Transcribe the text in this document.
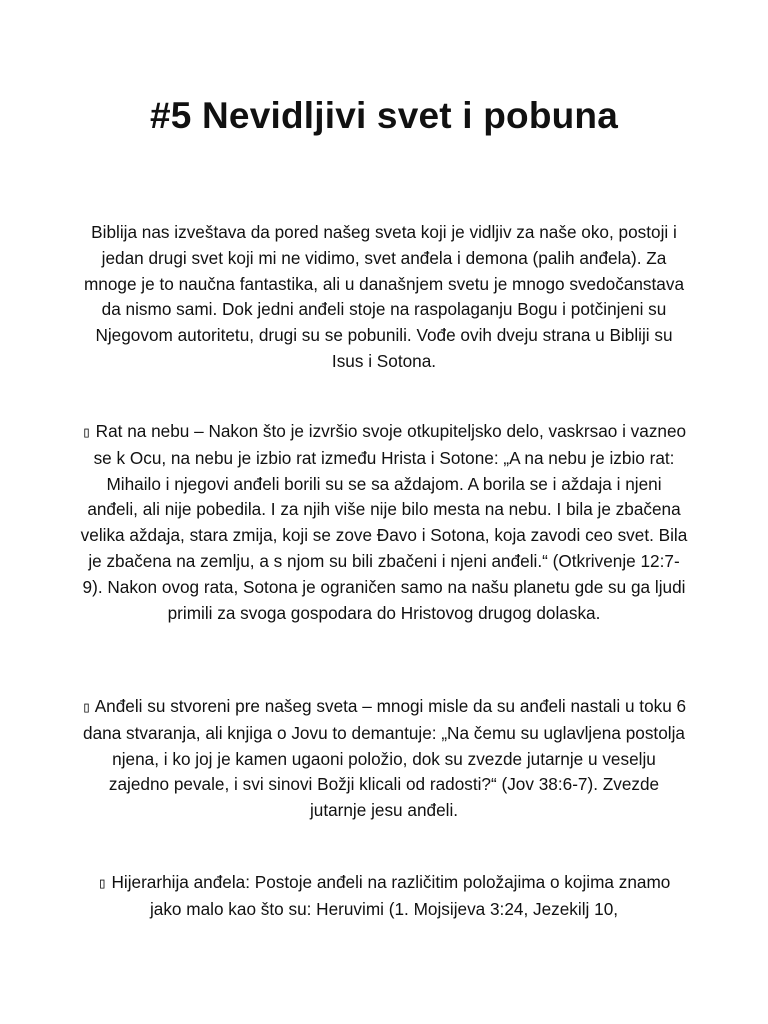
#5 Nevidljivi svet i pobuna

Biblija nas izveštava da pored našeg sveta koji je vidljiv za naše oko, postoji i jedan drugi svet koji mi ne vidimo, svet anđela i demona (palih anđela). Za mnoge je to naučna fantastika, ali u današnjem svetu je mnogo svedočanstava da nismo sami. Dok jedni anđeli stoje na raspolaganju Bogu i potčinjeni su Njegovom autoritetu, drugi su se pobunili. Vođe ovih dveju strana u Bibliji su Isus i Sotona.

▯ Rat na nebu – Nakon što je izvršio svoje otkupiteljsko delo, vaskrsao i vazneo se k Ocu, na nebu je izbio rat između Hrista i Sotone: „A na nebu je izbio rat: Mihailo i njegovi anđeli borili su se sa aždajom. A borila se i aždaja i njeni anđeli, ali nije pobedila. I za njih više nije bilo mesta na nebu. I bila je zbačena velika aždaja, stara zmija, koji se zove Đavo i Sotona, koja zavodi ceo svet. Bila je zbačena na zemlju, a s njom su bili zbačeni i njeni anđeli.“ (Otkrivenje 12:7-9). Nakon ovog rata, Sotona je ograničen samo na našu planetu gde su ga ljudi primili za svoga gospodara do Hristovog drugog dolaska.

▯ Anđeli su stvoreni pre našeg sveta – mnogi misle da su anđeli nastali u toku 6 dana stvaranja, ali knjiga o Jovu to demantuje: „Na čemu su uglavljena postolja njena, i ko joj je kamen ugaoni položio, dok su zvezde jutarnje u veselju zajedno pevale, i svi sinovi Božji klicali od radosti?“ (Jov 38:6-7). Zvezde jutarnje jesu anđeli.

▯ Hijerarhija anđela: Postoje anđeli na različitim položajima o kojima znamo jako malo kao što su: Heruvimi (1. Mojsijeva 3:24, Jezekilj 10,
